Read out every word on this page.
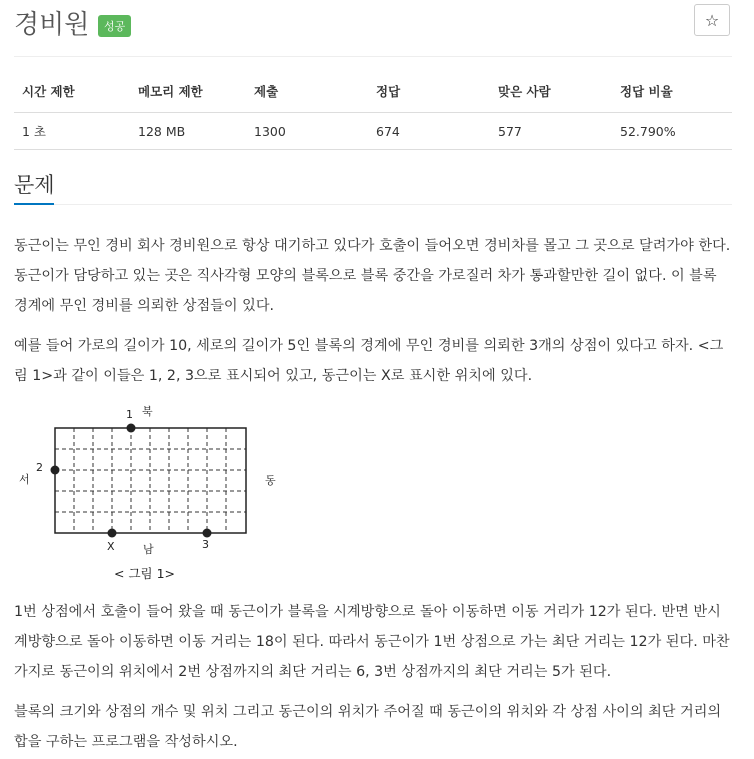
경비원	성공	☆
시간 제한	메모리 제한	제출	정답	맞은 사람	정답 비율
1 초	128 MB	1300	674	577	52.790%
문제

동근이는 무인 경비 회사 경비원으로 항상 대기하고 있다가 호출이 들어오면 경비차를 몰고 그 곳으로 달려가야 한다. 동근이가 담당하고 있는 곳은 직사각형 모양의 블록으로 블록 중간을 가로질러 차가 통과할만한 길이 없다. 이 블록 경계에 무인 경비를 의뢰한 상점들이 있다.

예를 들어 가로의 길이가 10, 세로의 길이가 5인 블록의 경계에 무인 경비를 의뢰한 3개의 상점이 있다고 하자. <그림 1>과 같이 이들은 1, 2, 3으로 표시되어 있고, 동근이는 X로 표시한 위치에 있다.

1 북
2
서	동
X	3
남
< 그림 1>

1번 상점에서 호출이 들어 왔을 때 동근이가 블록을 시계방향으로 돌아 이동하면 이동 거리가 12가 된다. 반면 반시계방향으로 돌아 이동하면 이동 거리는 18이 된다. 따라서 동근이가 1번 상점으로 가는 최단 거리는 12가 된다. 마찬가지로 동근이의 위치에서 2번 상점까지의 최단 거리는 6, 3번 상점까지의 최단 거리는 5가 된다.

블록의 크기와 상점의 개수 및 위치 그리고 동근이의 위치가 주어질 때 동근이의 위치와 각 상점 사이의 최단 거리의 합을 구하는 프로그램을 작성하시오.
